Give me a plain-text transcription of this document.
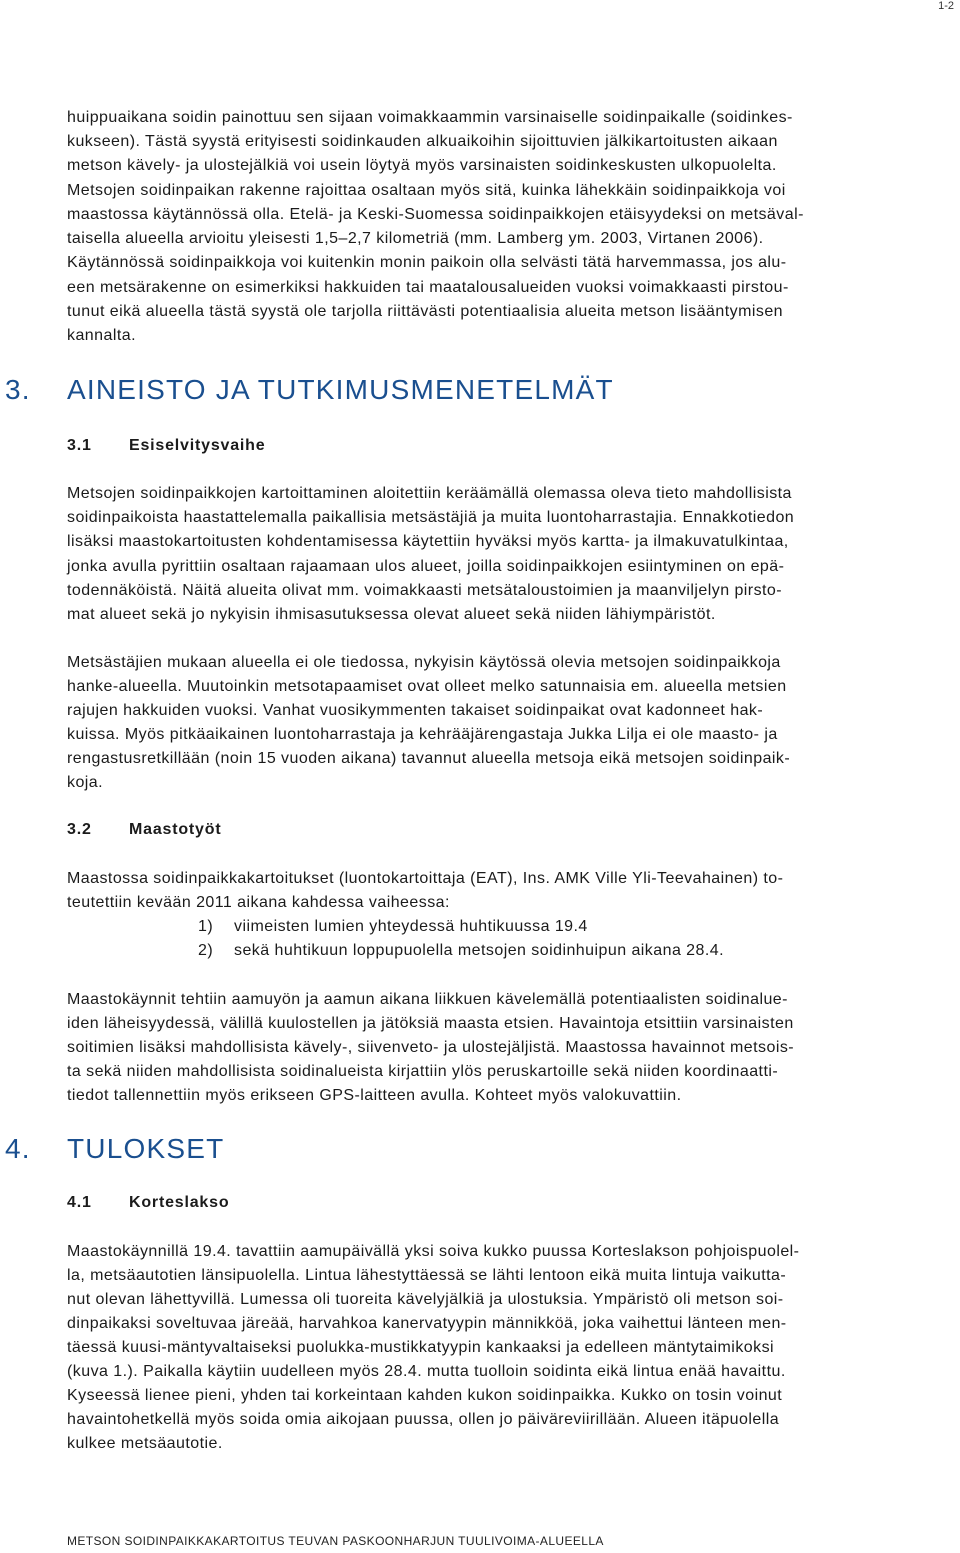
1-2
huippuaikana soidin painottuu sen sijaan voimakkaammin varsinaiselle soidinpaikalle (soidinkes-
kukseen). Tästä syystä erityisesti soidinkauden alkuaikoihin sijoittuvien jälkikartoitusten aikaan
metson kävely- ja ulostejälkiä voi usein löytyä myös varsinaisten soidinkeskusten ulkopuolelta.
Metsojen soidinpaikan rakenne rajoittaa osaltaan myös sitä, kuinka lähekkäin soidinpaikkoja voi
maastossa käytännössä olla. Etelä- ja Keski-Suomessa soidinpaikkojen etäisyydeksi on metsäval-
taisella alueella arvioitu yleisesti 1,5–2,7 kilometriä (mm. Lamberg ym. 2003, Virtanen 2006).
Käytännössä soidinpaikkoja voi kuitenkin monin paikoin olla selvästi tätä harvemmassa, jos alu-
een metsärakenne on esimerkiksi hakkuiden tai maatalousalueiden vuoksi voimakkaasti pirstou-
tunut eikä alueella tästä syystä ole tarjolla riittävästi potentiaalisia alueita metson lisääntymisen
kannalta.
3. AINEISTO JA TUTKIMUSMENETELMÄT
3.1 Esiselvitysvaihe
Metsojen soidinpaikkojen kartoittaminen aloitettiin keräämällä olemassa oleva tieto mahdollisista
soidinpaikoista haastattelemalla paikallisia metsästäjiä ja muita luontoharrastajia. Ennakkotiedon
lisäksi maastokartoitusten kohdentamisessa käytettiin hyväksi myös kartta- ja ilmakuvatulkintaa,
jonka avulla pyrittiin osaltaan rajaamaan ulos alueet, joilla soidinpaikkojen esiintyminen on epä-
todennäköistä. Näitä alueita olivat mm. voimakkaasti metsätaloustoimien ja maanviljelyn pirsto-
mat alueet sekä jo nykyisin ihmisasutuksessa olevat alueet sekä niiden lähiympäristöt.
Metsästäjien mukaan alueella ei ole tiedossa, nykyisin käytössä olevia metsojen soidinpaikkoja
hanke-alueella. Muutoinkin metsotapaamiset ovat olleet melko satunnaisia em. alueella metsien
rajujen hakkuiden vuoksi. Vanhat vuosikymmenten takaiset soidinpaikat ovat kadonneet hak-
kuissa. Myös pitkäaikainen luontoharrastaja ja kehrääjärengastaja Jukka Lilja ei ole maasto- ja
rengastusretkillään (noin 15 vuoden aikana) tavannut alueella metsoja eikä metsojen soidinpaik-
koja.
3.2 Maastotyöt
Maastossa soidinpaikkakartoitukset (luontokartoittaja (EAT), Ins. AMK Ville Yli-Teevahainen) to-
teutettiin kevään 2011 aikana kahdessa vaiheessa:
1) viimeisten lumien yhteydessä huhtikuussa 19.4
2) sekä huhtikuun loppupuolella metsojen soidinhuipun aikana 28.4.
Maastokäynnit tehtiin aamuyön ja aamun aikana liikkuen kävelemällä potentiaalisten soidinalue-
iden läheisyydessä, välillä kuulostellen ja jätöksiä maasta etsien. Havaintoja etsittiin varsinaisten
soitimien lisäksi mahdollisista kävely-, siivenveto- ja ulostejäljistä. Maastossa havainnot metsois-
ta sekä niiden mahdollisista soidinalueista kirjattiin ylös peruskartoille sekä niiden koordinaatti-
tiedot tallennettiin myös erikseen GPS-laitteen avulla. Kohteet myös valokuvattiin.
4. TULOKSET
4.1 Korteslakso
Maastokäynnillä 19.4. tavattiin aamupäivällä yksi soiva kukko puussa Korteslakson pohjoispuolel-
la, metsäautotien länsipuolella. Lintua lähestyttäessä se lähti lentoon eikä muita lintuja vaikutta-
nut olevan lähettyvillä. Lumessa oli tuoreita kävelyjälkiä ja ulostuksia. Ympäristö oli metson soi-
dinpaikaksi soveltuvaa järeää, harvahkoa kanervatyypin männikköä, joka vaihettui länteen men-
täessä kuusi-mäntyvaltaiseksi puolukka-mustikkatyypin kankaaksi ja edelleen mäntytaimikoksi
(kuva 1.). Paikalla käytiin uudelleen myös 28.4. mutta tuolloin soidinta eikä lintua enää havaittu.
Kyseessä lienee pieni, yhden tai korkeintaan kahden kukon soidinpaikka. Kukko on tosin voinut
havaintohetkellä myös soida omia aikojaan puussa, ollen jo päiväreviirillään. Alueen itäpuolella
kulkee metsäautotie.
METSON SOIDINPAIKKAKARTOITUS TEUVAN PASKOONHARJUN TUULIVOIMA-ALUEELLA
